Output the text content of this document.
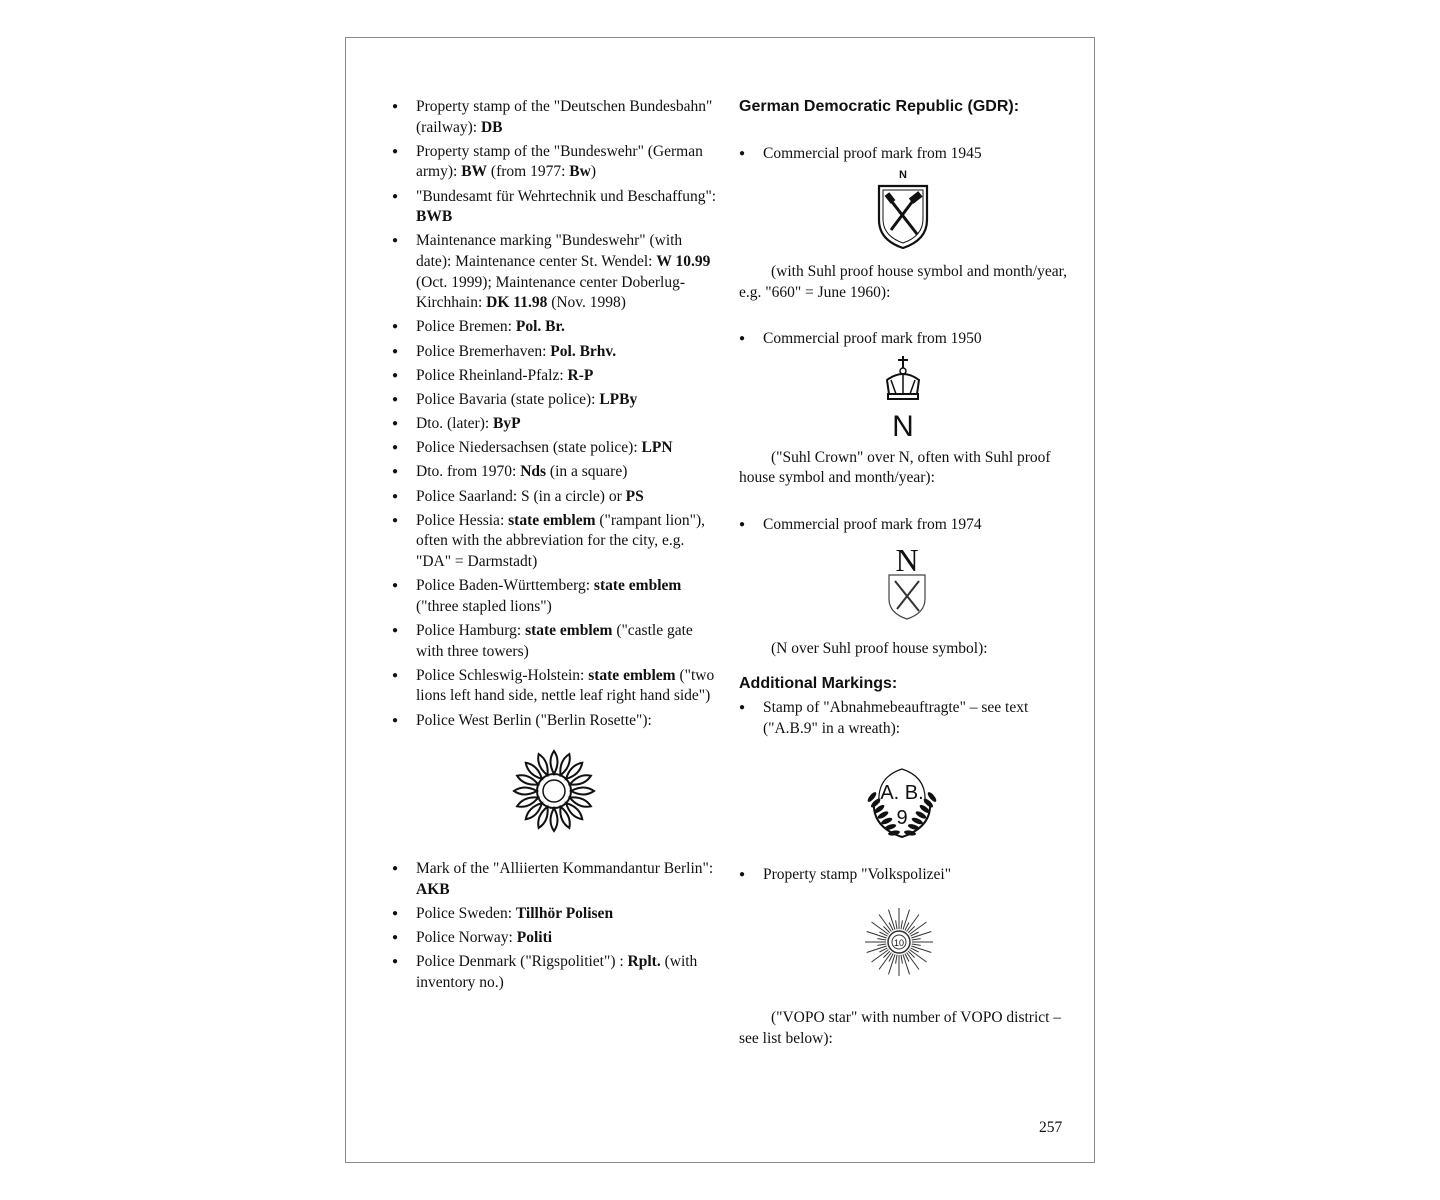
● Property stamp of the "Deutschen Bundesbahn" (railway): DB
● Property stamp of the "Bundeswehr" (German army): BW (from 1977: Bw)
● "Bundesamt für Wehrtechnik und Beschaffung": BWB
● Maintenance marking "Bundeswehr" (with date): Maintenance center St. Wendel: W 10.99 (Oct. 1999); Maintenance center Doberlug-Kirchhain: DK 11.98 (Nov. 1998)
● Police Bremen: Pol. Br.
● Police Bremerhaven: Pol. Brhv.
● Police Rheinland-Pfalz: R-P
● Police Bavaria (state police): LPBy
● Dto. (later): ByP
● Police Niedersachsen (state police): LPN
● Dto. from 1970: Nds (in a square)
● Police Saarland: S (in a circle) or PS
● Police Hessia: state emblem ("rampant lion"), often with the abbreviation for the city, e.g. "DA" = Darmstadt)
● Police Baden-Württemberg: state emblem ("three stapled lions")
● Police Hamburg: state emblem ("castle gate with three towers)
● Police Schleswig-Holstein: state emblem ("two lions left hand side, nettle leaf right hand side")
● Police West Berlin ("Berlin Rosette"):
● Mark of the "Alliierten Kommandantur Berlin": AKB
● Police Sweden: Tillhör Polisen
● Police Norway: Politi
● Police Denmark ("Rigspolitiet") : Rplt. (with inventory no.)

German Democratic Republic (GDR):

● Commercial proof mark from 1945
N

(with Suhl proof house symbol and month/year, e.g. "660" = June 1960):

● Commercial proof mark from 1950
N

("Suhl Crown" over N, often with Suhl proof house symbol and month/year):

● Commercial proof mark from 1974
N

(N over Suhl proof house symbol):

Additional Markings:

● Stamp of "Abnahmebeauftragte" – see text ("A.B.9" in a wreath):
A. B.
9
● Property stamp "Volkspolizei"
10

("VOPO star" with number of VOPO district – see list below):

257
